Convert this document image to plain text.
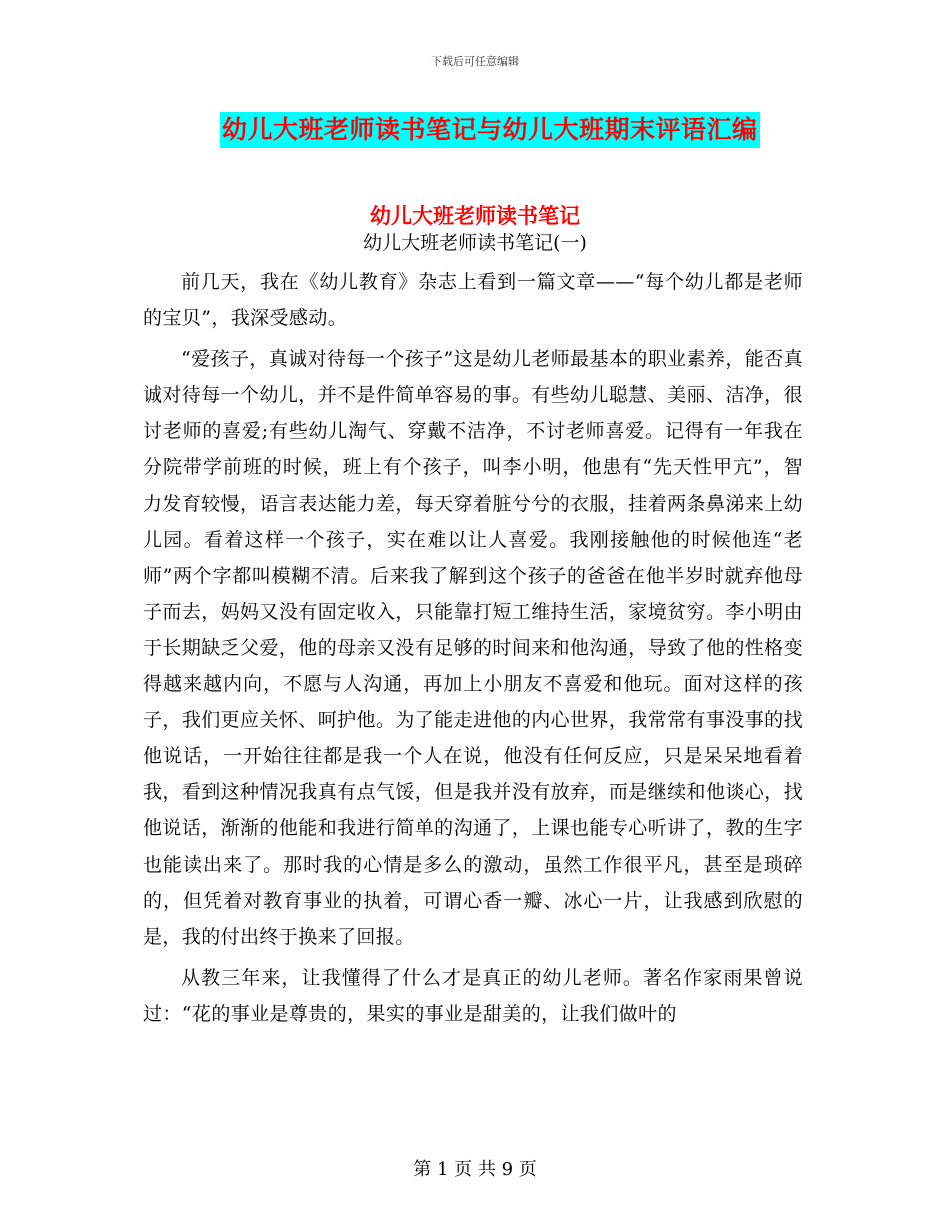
下载后可任意编辑
幼儿大班老师读书笔记与幼儿大班期末评语汇编
幼儿大班老师读书笔记
幼儿大班老师读书笔记(一)

前几天，我在《幼儿教育》杂志上看到一篇文章——“每个幼儿都是老师的宝贝”，我深受感动。

“爱孩子，真诚对待每一个孩子”这是幼儿老师最基本的职业素养，能否真诚对待每一个幼儿，并不是件简单容易的事。有些幼儿聪慧、美丽、洁净，很讨老师的喜爱;有些幼儿淘气、穿戴不洁净，不讨老师喜爱。记得有一年我在分院带学前班的时候，班上有个孩子，叫李小明，他患有“先天性甲亢”，智力发育较慢，语言表达能力差，每天穿着脏兮兮的衣服，挂着两条鼻涕来上幼儿园。看着这样一个孩子，实在难以让人喜爱。我刚接触他的时候他连“老师”两个字都叫模糊不清。后来我了解到这个孩子的爸爸在他半岁时就弃他母子而去，妈妈又没有固定收入，只能靠打短工维持生活，家境贫穷。李小明由于长期缺乏父爱，他的母亲又没有足够的时间来和他沟通，导致了他的性格变得越来越内向，不愿与人沟通，再加上小朋友不喜爱和他玩。面对这样的孩子，我们更应关怀、呵护他。为了能走进他的内心世界，我常常有事没事的找他说话，一开始往往都是我一个人在说，他没有任何反应，只是呆呆地看着我，看到这种情况我真有点气馁，但是我并没有放弃，而是继续和他谈心，找他说话，渐渐的他能和我进行简单的沟通了，上课也能专心听讲了，教的生字也能读出来了。那时我的心情是多么的激动，虽然工作很平凡，甚至是琐碎的，但凭着对教育事业的执着，可谓心香一瓣、冰心一片，让我感到欣慰的是，我的付出终于换来了回报。

从教三年来，让我懂得了什么才是真正的幼儿老师。著名作家雨果曾说过：“花的事业是尊贵的，果实的事业是甜美的，让我们做叶的

第 1 页 共 9 页
